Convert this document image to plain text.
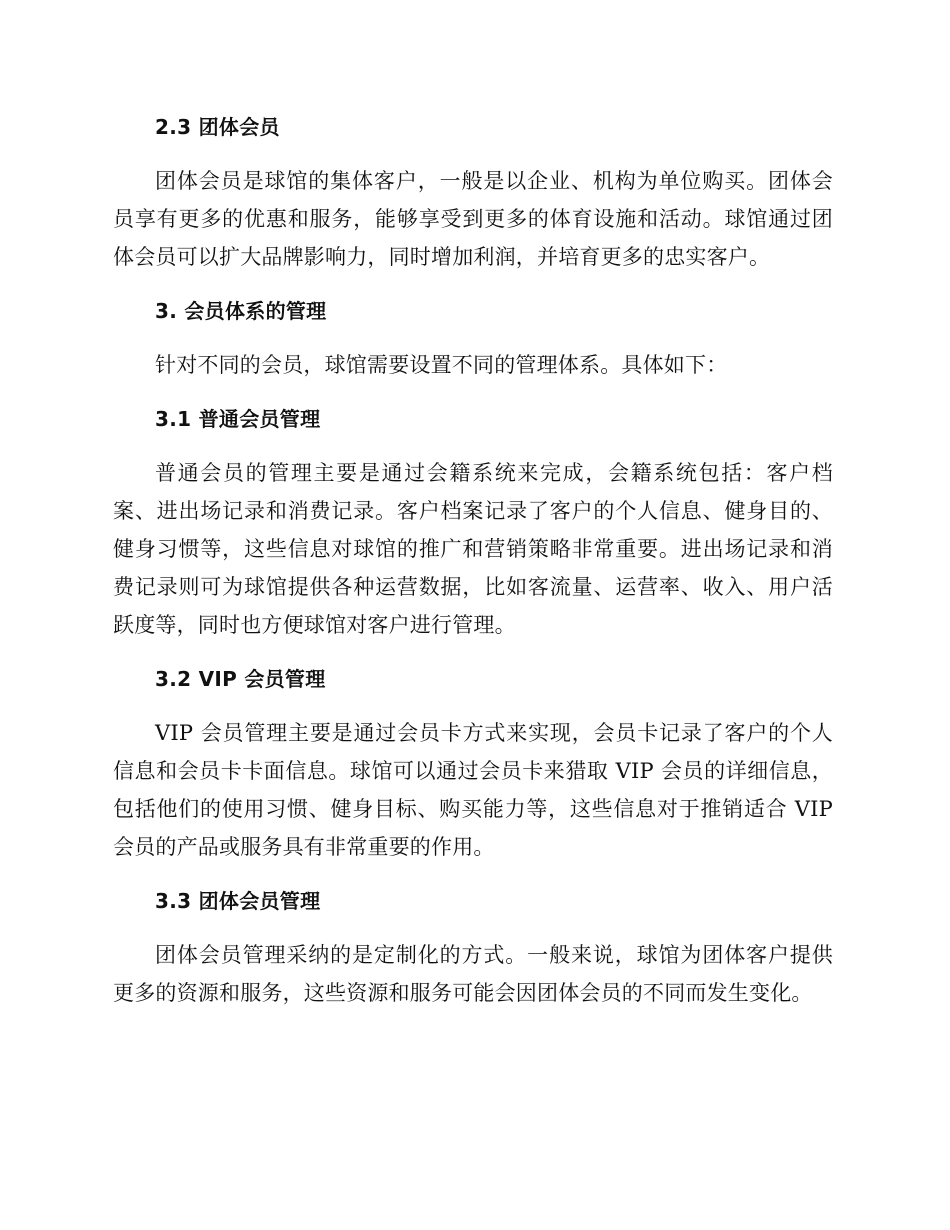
2.3 团体会员

团体会员是球馆的集体客户，一般是以企业、机构为单位购买。团体会员享有更多的优惠和服务，能够享受到更多的体育设施和活动。球馆通过团体会员可以扩大品牌影响力，同时增加利润，并培育更多的忠实客户。

3. 会员体系的管理

针对不同的会员，球馆需要设置不同的管理体系。具体如下：

3.1 普通会员管理

普通会员的管理主要是通过会籍系统来完成，会籍系统包括：客户档案、进出场记录和消费记录。客户档案记录了客户的个人信息、健身目的、健身习惯等，这些信息对球馆的推广和营销策略非常重要。进出场记录和消费记录则可为球馆提供各种运营数据，比如客流量、运营率、收入、用户活跃度等，同时也方便球馆对客户进行管理。

3.2 VIP 会员管理

VIP 会员管理主要是通过会员卡方式来实现，会员卡记录了客户的个人信息和会员卡卡面信息。球馆可以通过会员卡来猎取 VIP 会员的详细信息，包括他们的使用习惯、健身目标、购买能力等，这些信息对于推销适合 VIP 会员的产品或服务具有非常重要的作用。

3.3 团体会员管理

团体会员管理采纳的是定制化的方式。一般来说，球馆为团体客户提供更多的资源和服务，这些资源和服务可能会因团体会员的不同而发生变化。
